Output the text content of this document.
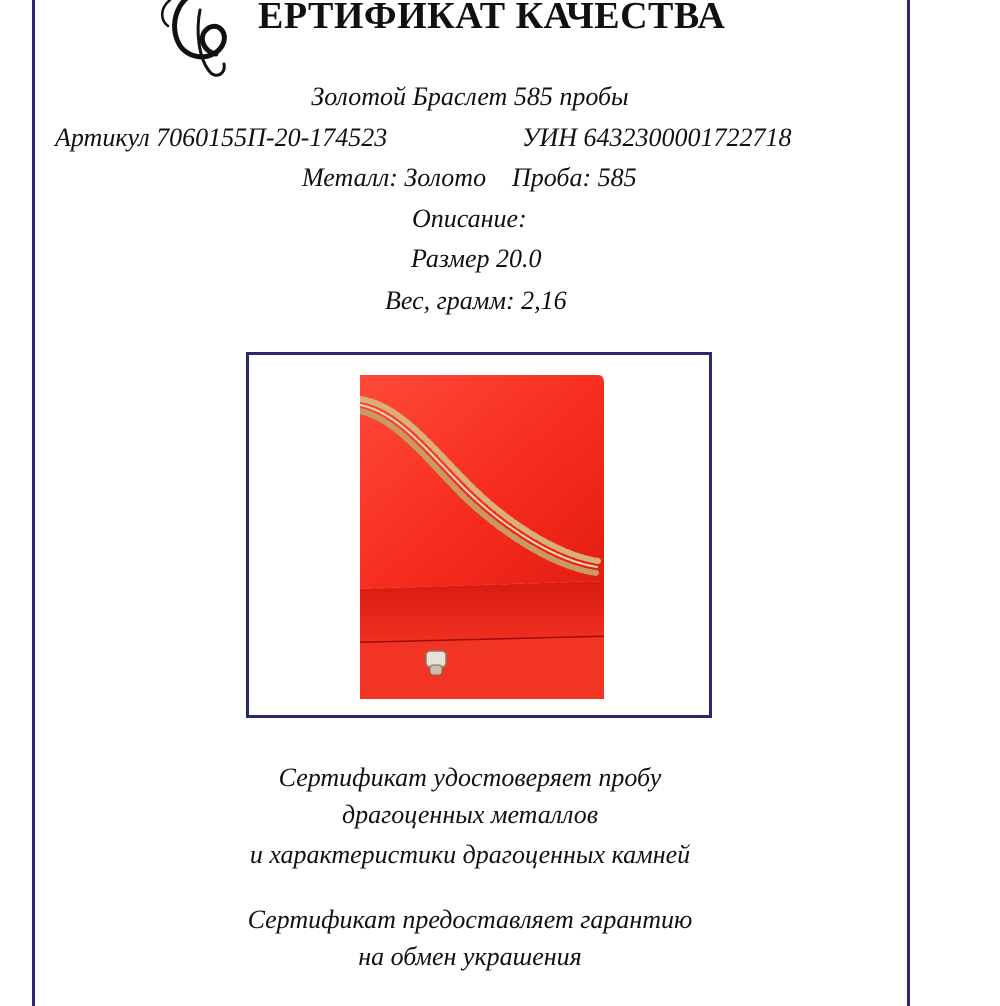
ЕРТИФИКАТ КАЧЕСТВА
Золотой Браслет 585 пробы
Артикул 7060155П-20-174523	УИН 6432300001722718
Металл: Золото Проба: 585
Описание:
Размер 20.0
Вес, грамм: 2,16
Сертификат удостоверяет пробу
драгоценных металлов
и характеристики драгоценных камней
Сертификат предоставляет гарантию
на обмен украшения
